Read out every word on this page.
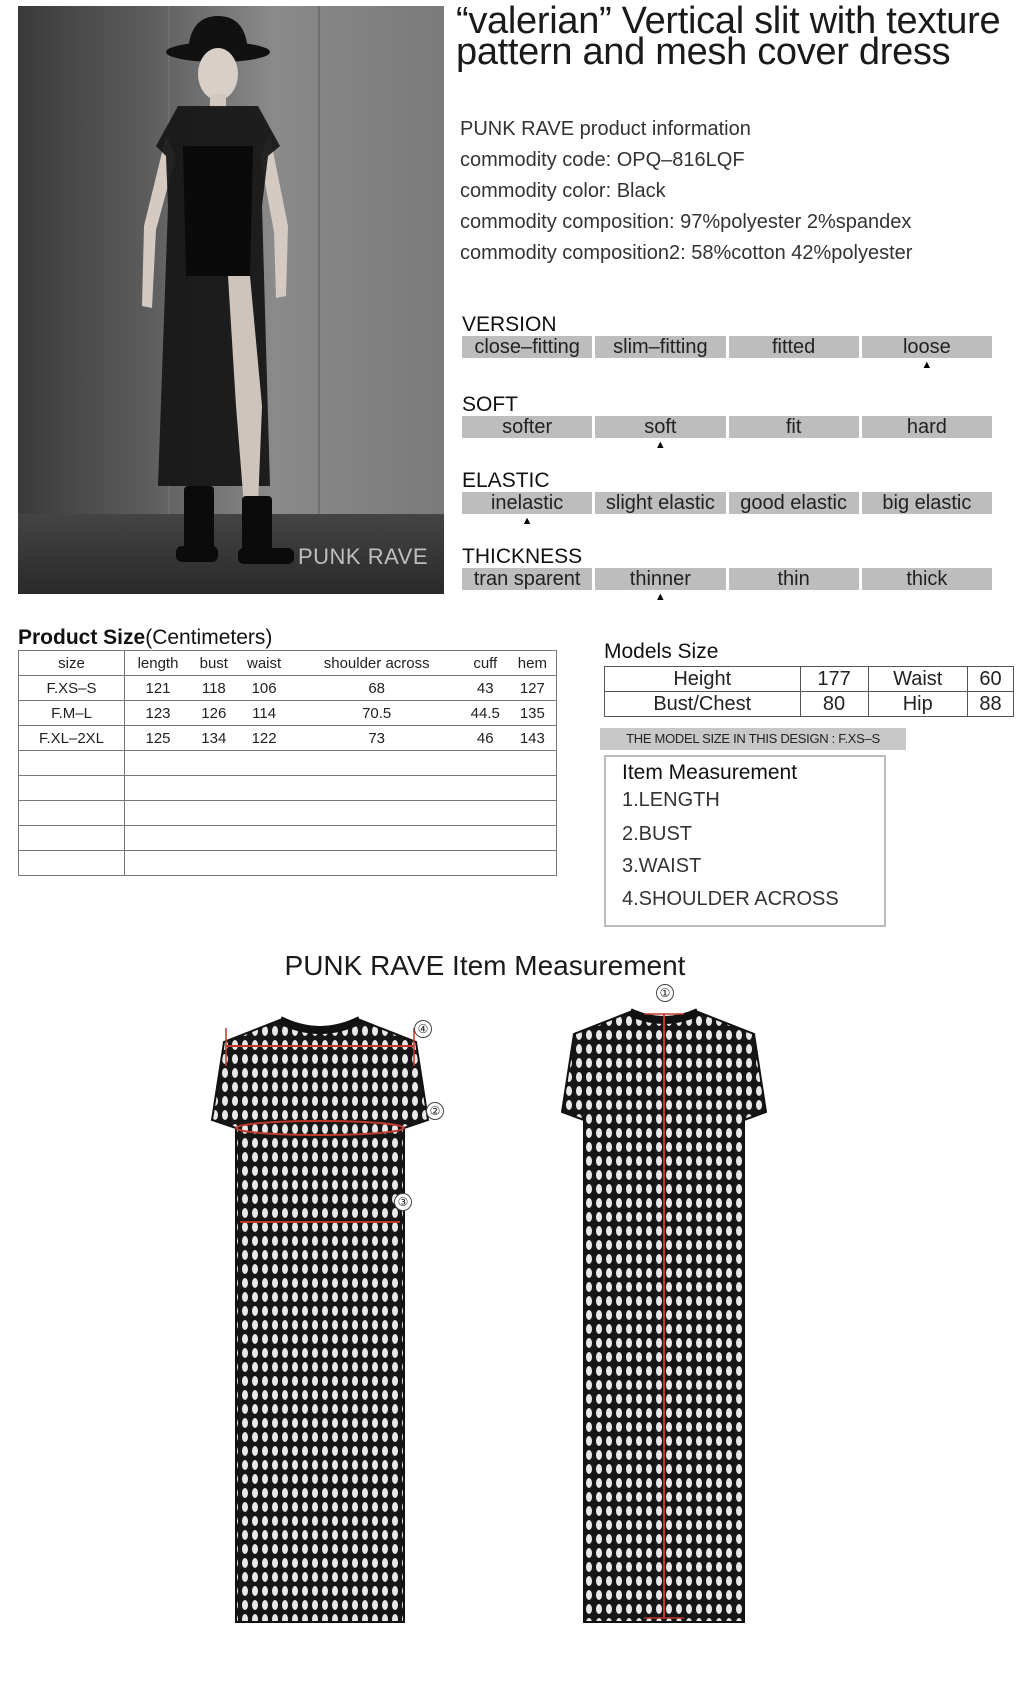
PUNK RAVE
“valerian” Vertical slit with texture pattern and mesh cover dress
PUNK RAVE product information
commodity code: OPQ–816LQF
commodity color: Black
commodity composition: 97%polyester 2%spandex
commodity composition2: 58%cotton 42%polyester
VERSION
close–fitting	slim–fitting	fitted	loose
▲
SOFT
softer	soft	fit	hard
▲
ELASTIC
inelastic	slight elastic	good elastic	big elastic
▲
THICKNESS
tran sparent	thinner	thin	thick
▲
Product Size(Centimeters)
size	length	bust	waist	shoulder across	cuff	hem
F.XS–S	121	118	106	68	43	127
F.M–L	123	126	114	70.5	44.5	135
F.XL–2XL	125	134	122	73	46	143

Models Size
Height	177	Waist	60
Bust/Chest	80	Hip	88
THE MODEL SIZE IN THIS DESIGN : F.XS–S
Item Measurement
1.LENGTH
2.BUST
3.WAIST
4.SHOULDER ACROSS
PUNK RAVE Item Measurement
④
②
③
①
